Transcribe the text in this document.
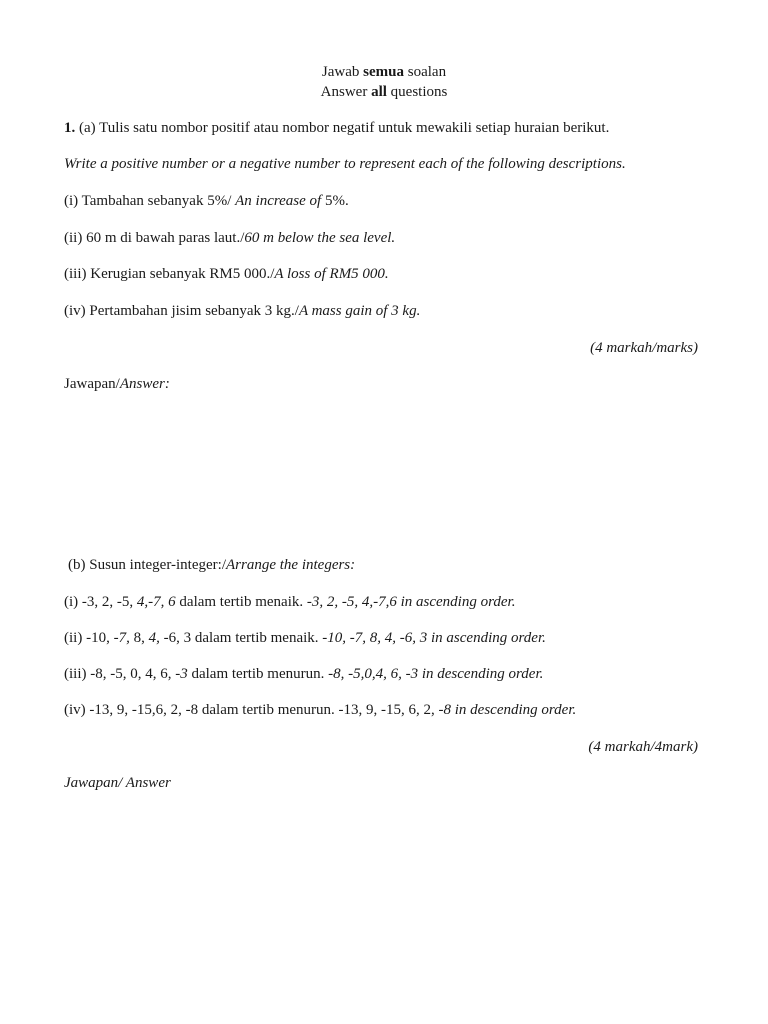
Jawab semua soalan
Answer all questions
1. (a) Tulis satu nombor positif atau nombor negatif untuk mewakili setiap huraian berikut.
Write a positive number or a negative number to represent each of the following descriptions.
(i) Tambahan sebanyak 5%/ An increase of 5%.
(ii) 60 m di bawah paras laut./60 m below the sea level.
(iii) Kerugian sebanyak RM5 000./A loss of RM5 000.
(iv) Pertambahan jisim sebanyak 3 kg./A mass gain of 3 kg.
(4 markah/marks)
Jawapan/Answer:
(b) Susun integer-integer:/Arrange the integers:
(i) -3, 2, -5, 4,-7, 6 dalam tertib menaik. -3, 2, -5, 4,-7,6 in ascending order.
(ii) -10, -7, 8, 4, -6, 3 dalam tertib menaik. -10, -7, 8, 4, -6, 3 in ascending order.
(iii) -8, -5, 0, 4, 6, -3 dalam tertib menurun. -8, -5,0,4, 6, -3 in descending order.
(iv) -13, 9, -15,6, 2, -8 dalam tertib menurun. -13, 9, -15, 6, 2, -8 in descending order.
(4 markah/4mark)
Jawapan/ Answer
